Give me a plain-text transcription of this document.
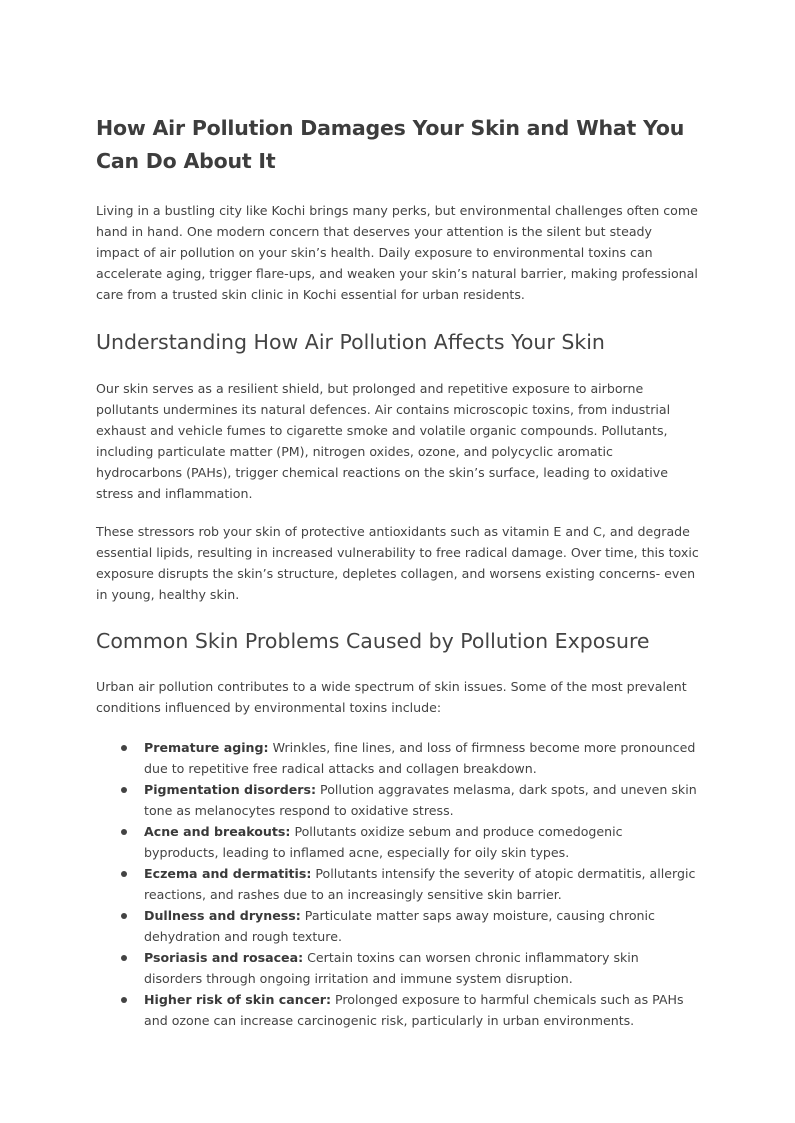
How Air Pollution Damages Your Skin and What You Can Do About It

Living in a bustling city like Kochi brings many perks, but environmental challenges often come hand in hand. One modern concern that deserves your attention is the silent but steady impact of air pollution on your skin’s health. Daily exposure to environmental toxins can accelerate aging, trigger flare-ups, and weaken your skin’s natural barrier, making professional care from a trusted skin clinic in Kochi essential for urban residents.

Understanding How Air Pollution Affects Your Skin

Our skin serves as a resilient shield, but prolonged and repetitive exposure to airborne pollutants undermines its natural defences. Air contains microscopic toxins, from industrial exhaust and vehicle fumes to cigarette smoke and volatile organic compounds. Pollutants, including particulate matter (PM), nitrogen oxides, ozone, and polycyclic aromatic hydrocarbons (PAHs), trigger chemical reactions on the skin’s surface, leading to oxidative stress and inflammation.

These stressors rob your skin of protective antioxidants such as vitamin E and C, and degrade essential lipids, resulting in increased vulnerability to free radical damage. Over time, this toxic exposure disrupts the skin’s structure, depletes collagen, and worsens existing concerns- even in young, healthy skin.

Common Skin Problems Caused by Pollution Exposure

Urban air pollution contributes to a wide spectrum of skin issues. Some of the most prevalent conditions influenced by environmental toxins include:

Premature aging: Wrinkles, fine lines, and loss of firmness become more pronounced due to repetitive free radical attacks and collagen breakdown.
Pigmentation disorders: Pollution aggravates melasma, dark spots, and uneven skin tone as melanocytes respond to oxidative stress.
Acne and breakouts: Pollutants oxidize sebum and produce comedogenic byproducts, leading to inflamed acne, especially for oily skin types.
Eczema and dermatitis: Pollutants intensify the severity of atopic dermatitis, allergic reactions, and rashes due to an increasingly sensitive skin barrier.
Dullness and dryness: Particulate matter saps away moisture, causing chronic dehydration and rough texture.
Psoriasis and rosacea: Certain toxins can worsen chronic inflammatory skin disorders through ongoing irritation and immune system disruption.
Higher risk of skin cancer: Prolonged exposure to harmful chemicals such as PAHs and ozone can increase carcinogenic risk, particularly in urban environments.
